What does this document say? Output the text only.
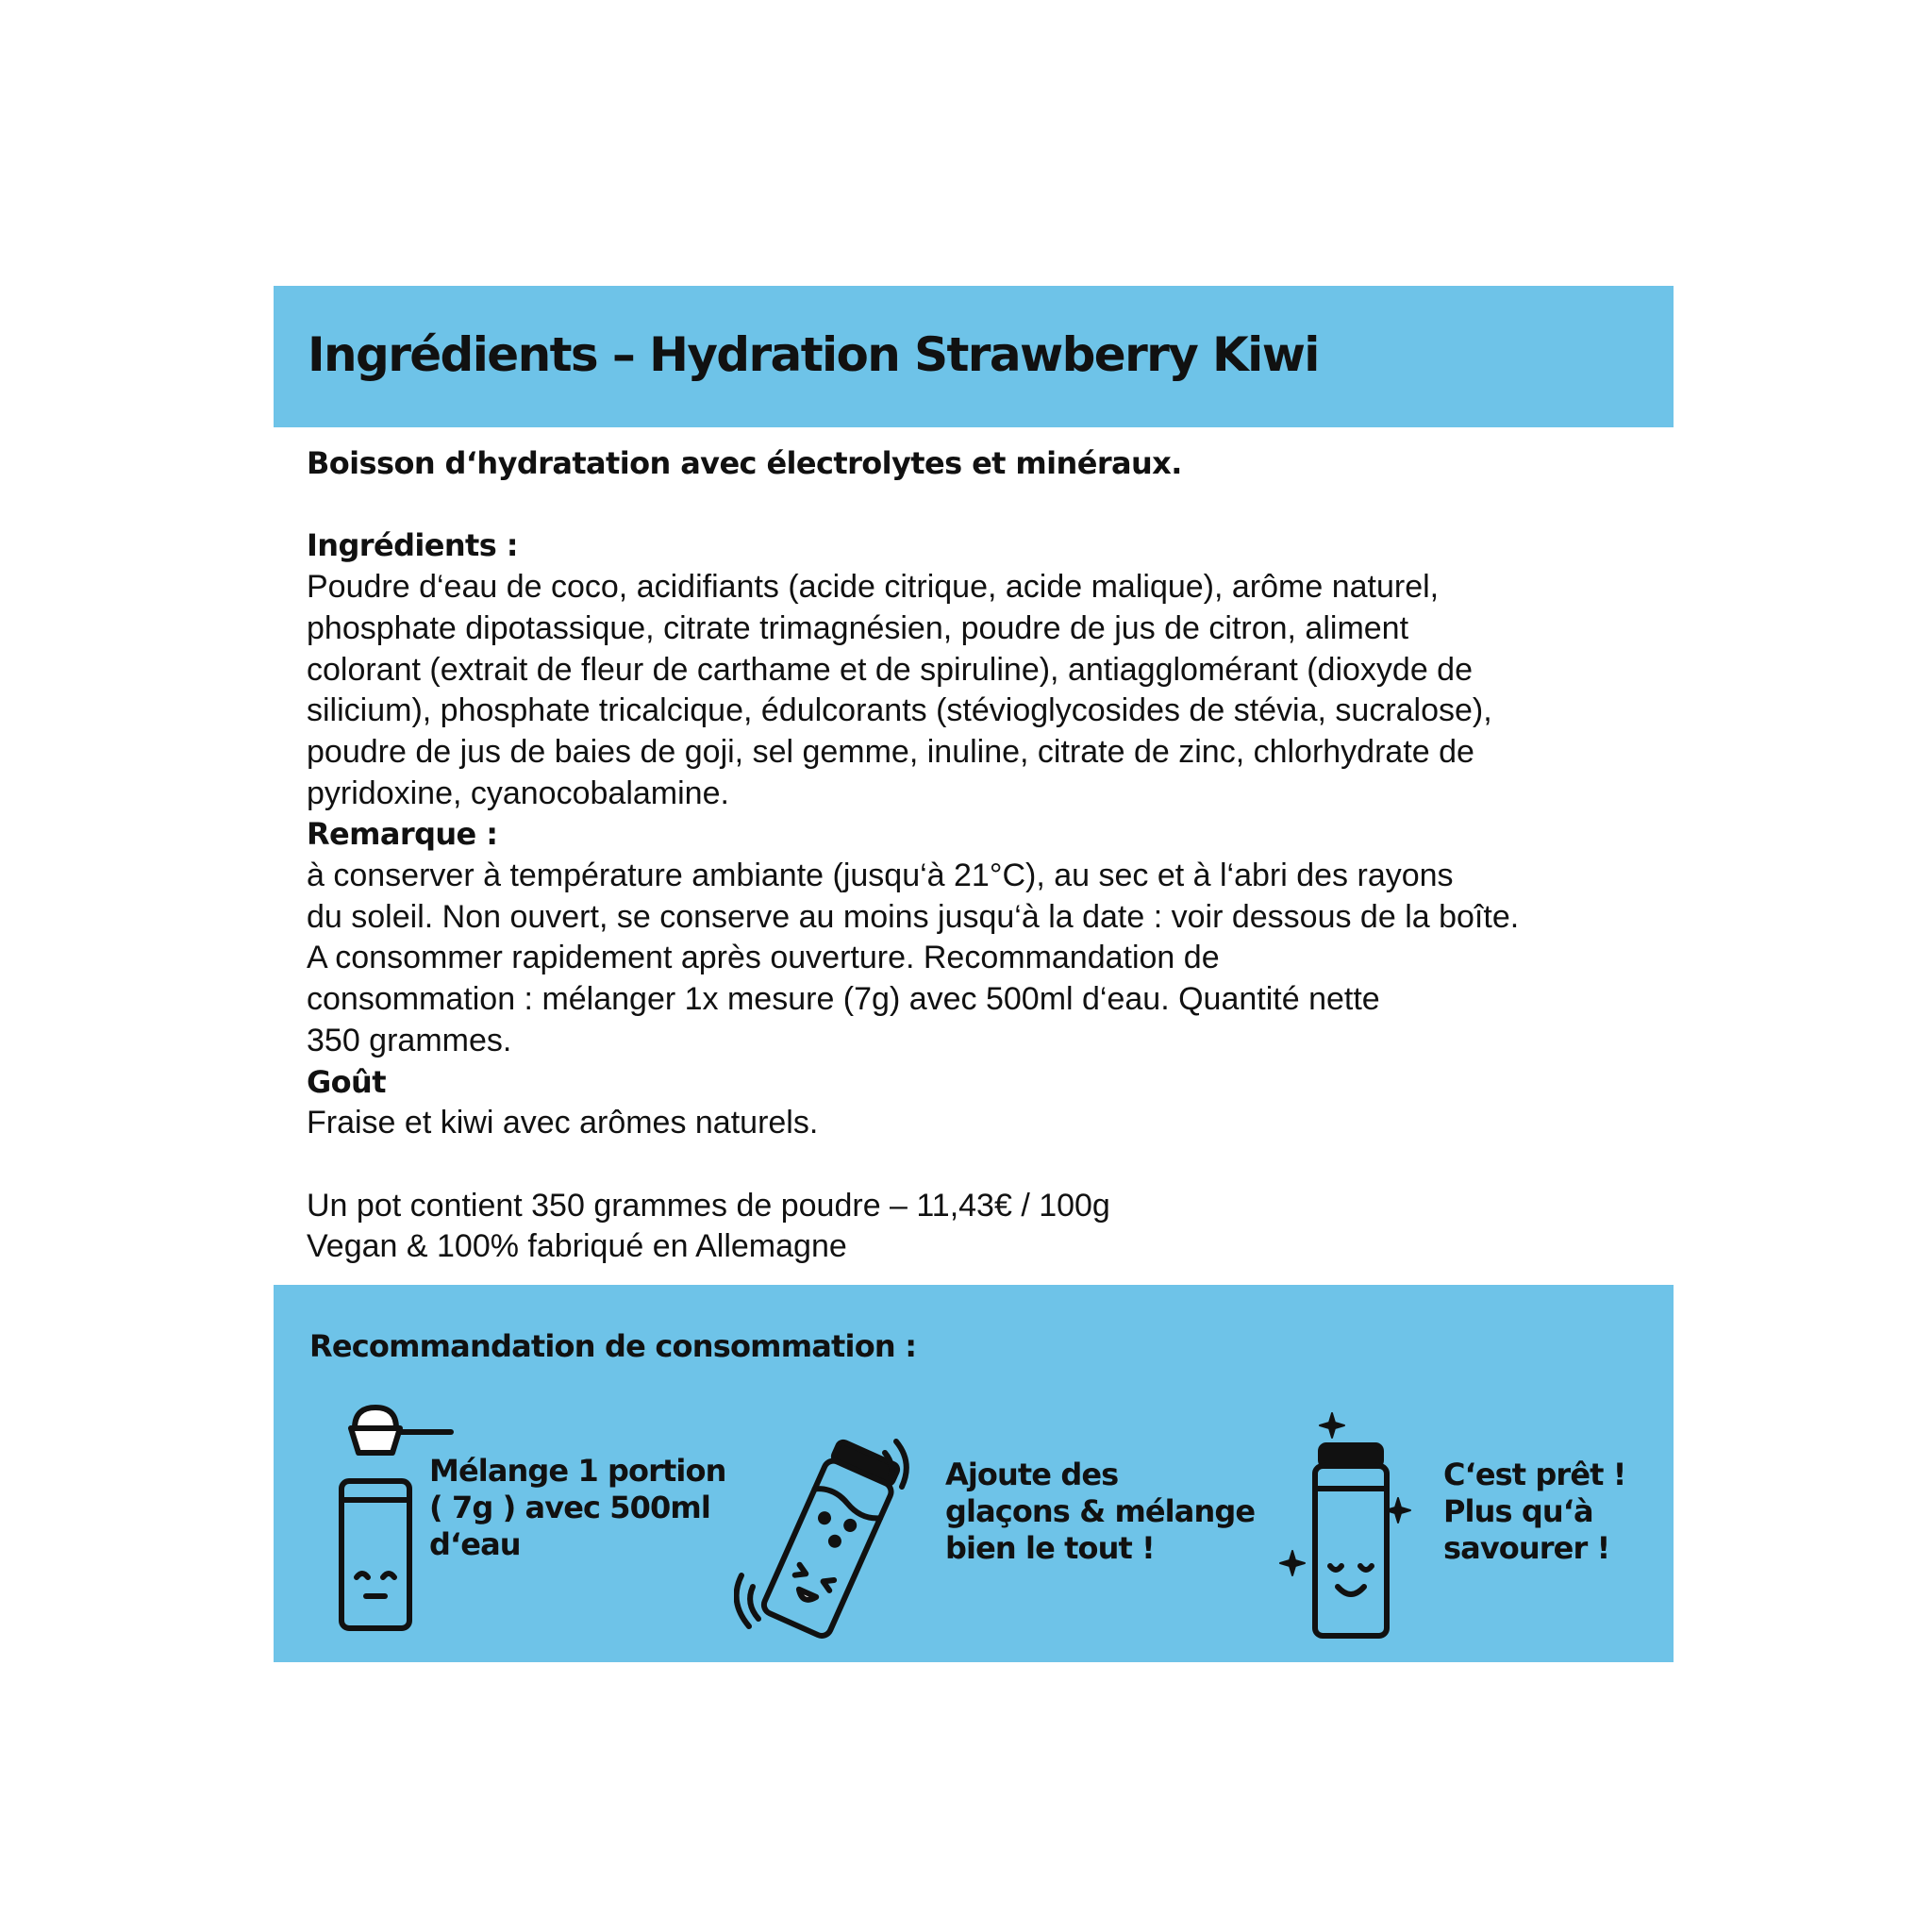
Ingrédients – Hydration Strawberry Kiwi

Boisson d‘hydratation avec électrolytes et minéraux.

Ingrédients :

Poudre d‘eau de coco, acidifiants (acide citrique, acide malique), arôme naturel,

phosphate dipotassique, citrate trimagnésien, poudre de jus de citron, aliment

colorant (extrait de fleur de carthame et de spiruline), antiagglomérant (dioxyde de

silicium), phosphate tricalcique, édulcorants (stévioglycosides de stévia, sucralose),

poudre de jus de baies de goji, sel gemme, inuline, citrate de zinc, chlorhydrate de

pyridoxine, cyanocobalamine.

Remarque :

à conserver à température ambiante (jusqu‘à 21°C), au sec et à l‘abri des rayons

du soleil. Non ouvert, se conserve au moins jusqu‘à la date : voir dessous de la boîte.

A consommer rapidement après ouverture. Recommandation de

consommation : mélanger 1x mesure (7g) avec 500ml d‘eau. Quantité nette

350 grammes.

Goût

Fraise et kiwi avec arômes naturels.

Un pot contient 350 grammes de poudre – 11,43€ / 100g

Vegan & 100% fabriqué en Allemagne

Recommandation de consommation :

Mélange 1 portion
( 7g ) avec 500ml
d‘eau
Ajoute des
glaçons & mélange
bien le tout !
C‘est prêt !
Plus qu‘à
savourer !
